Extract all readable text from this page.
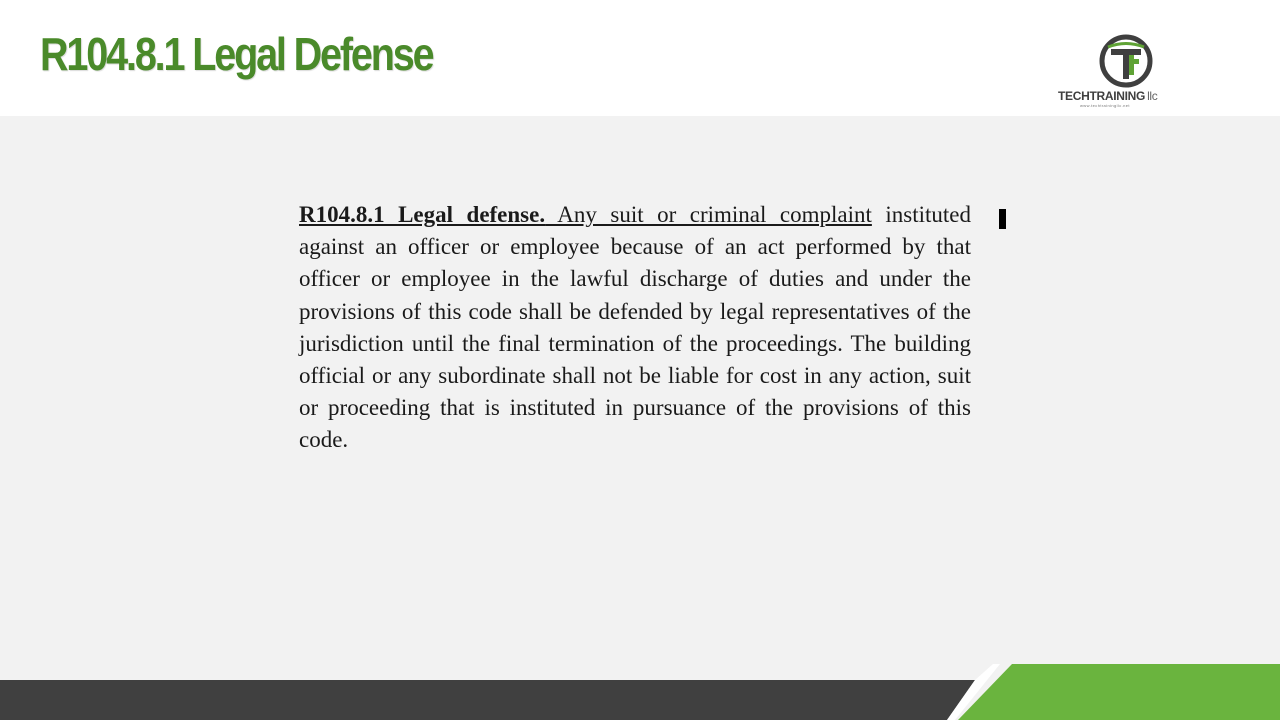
R104.8.1 Legal Defense
TECHTRAINING llc
www.techtrainingllc.net

R104.8.1 Legal defense. Any suit or criminal complaint instituted against an officer or employee because of an act performed by that officer or employee in the lawful discharge of duties and under the provisions of this code shall be defended by legal representatives of the jurisdiction until the final termination of the proceedings. The building official or any subordinate shall not be liable for cost in any action, suit or proceeding that is instituted in pursuance of the provisions of this code.
